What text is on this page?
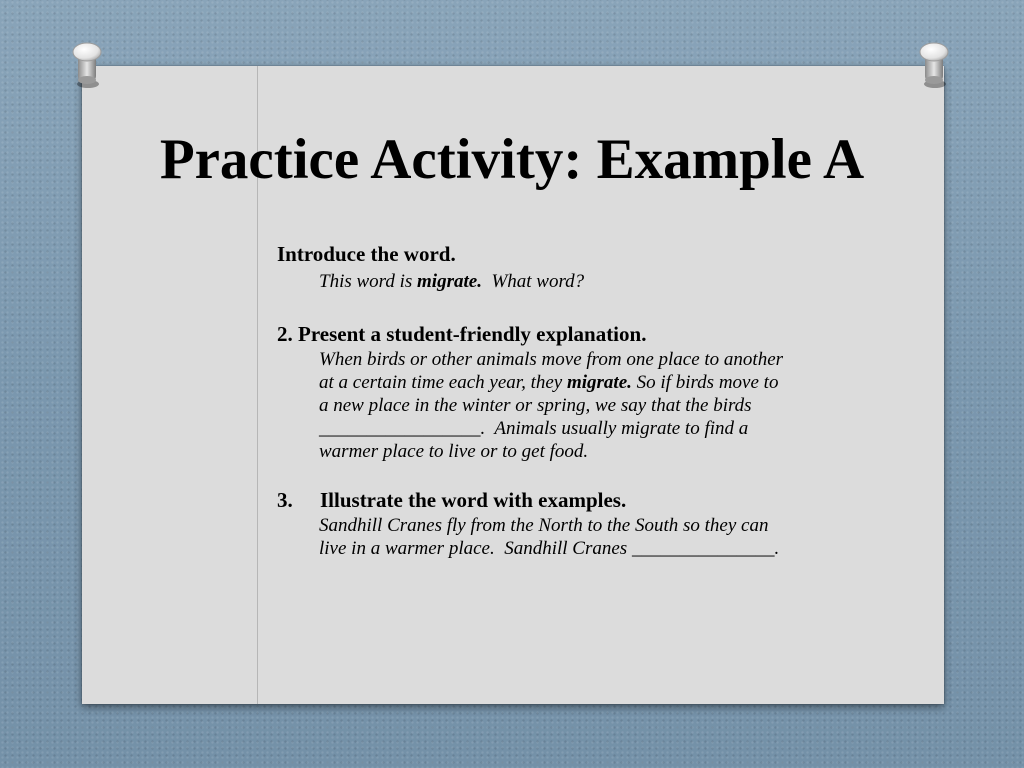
Practice Activity: Example A

Introduce the word.

This word is migrate.  What word?

2. Present a student-friendly explanation.

When birds or other animals move from one place to another
at a certain time each year, they migrate. So if birds move to
a new place in the winter or spring, we say that the birds
_________________.  Animals usually migrate to find a
warmer place to live or to get food.

3. Illustrate the word with examples.

Sandhill Cranes fly from the North to the South so they can
live in a warmer place.  Sandhill Cranes _______________.
